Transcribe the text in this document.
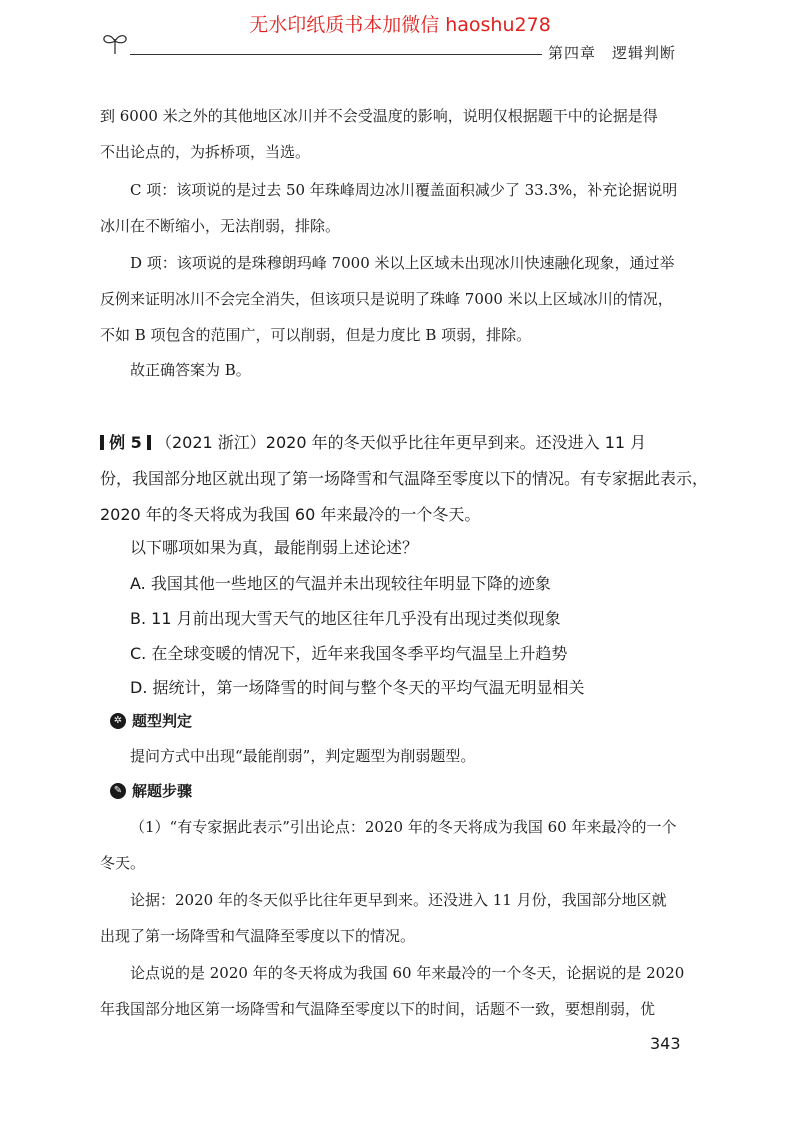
无水印纸质书本加微信 haoshu278
第四章　逻辑判断
到 6000 米之外的其他地区冰川并不会受温度的影响，说明仅根据题干中的论据是得
不出论点的，为拆桥项，当选。
C 项：该项说的是过去 50 年珠峰周边冰川覆盖面积减少了 33.3%，补充论据说明
冰川在不断缩小，无法削弱，排除。
D 项：该项说的是珠穆朗玛峰 7000 米以上区域未出现冰川快速融化现象，通过举
反例来证明冰川不会完全消失，但该项只是说明了珠峰 7000 米以上区域冰川的情况，
不如 B 项包含的范围广，可以削弱，但是力度比 B 项弱，排除。
故正确答案为 B。
例 5 （2021 浙江）2020 年的冬天似乎比往年更早到来。还没进入 11 月
份，我国部分地区就出现了第一场降雪和气温降至零度以下的情况。有专家据此表示，
2020 年的冬天将成为我国 60 年来最冷的一个冬天。
以下哪项如果为真，最能削弱上述论述？
A. 我国其他一些地区的气温并未出现较往年明显下降的迹象
B. 11 月前出现大雪天气的地区往年几乎没有出现过类似现象
C. 在全球变暖的情况下，近年来我国冬季平均气温呈上升趋势
D. 据统计，第一场降雪的时间与整个冬天的平均气温无明显相关
✲ 题型判定
提问方式中出现“最能削弱”，判定题型为削弱题型。
✎ 解题步骤
（1）“有专家据此表示”引出论点：2020 年的冬天将成为我国 60 年来最冷的一个
冬天。
论据：2020 年的冬天似乎比往年更早到来。还没进入 11 月份，我国部分地区就
出现了第一场降雪和气温降至零度以下的情况。
论点说的是 2020 年的冬天将成为我国 60 年来最冷的一个冬天，论据说的是 2020
年我国部分地区第一场降雪和气温降至零度以下的时间，话题不一致，要想削弱，优
343
